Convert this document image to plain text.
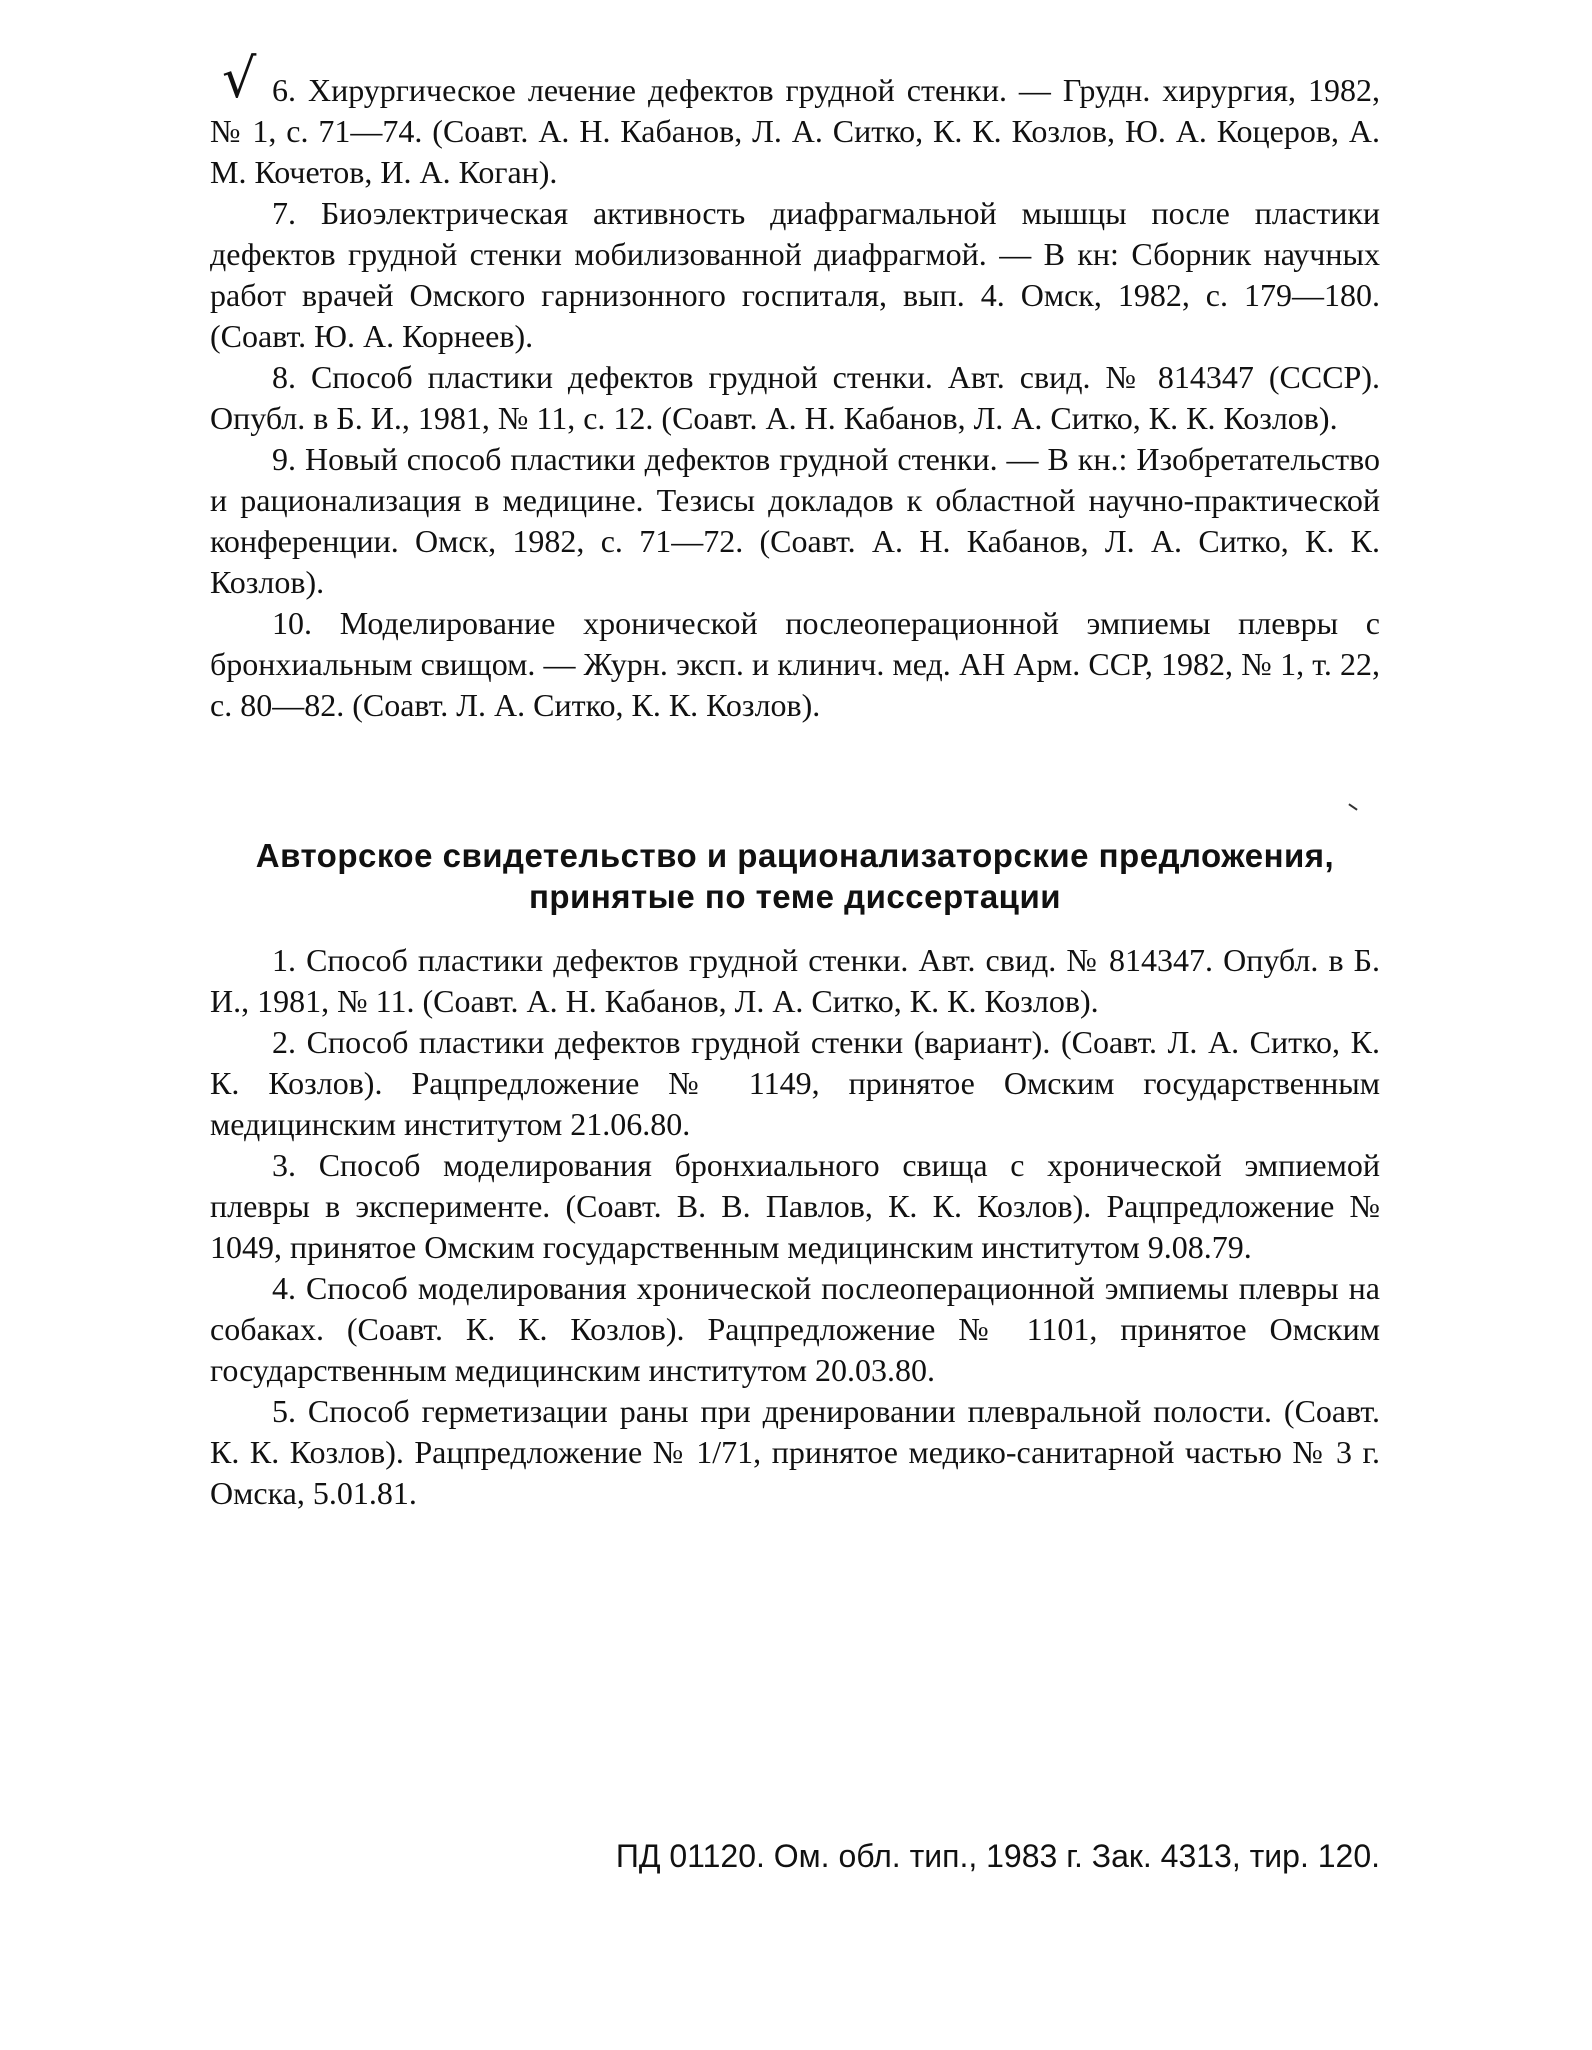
√ 6. Хирургическое лечение дефектов грудной стенки. — Грудн. хирургия, 1982, № 1, с. 71—74. (Соавт. А. Н. Кабанов, Л. А. Ситко, К. К. Козлов, Ю. А. Коцеров, А. М. Кочетов, И. А. Коган).

7. Биоэлектрическая активность диафрагмальной мышцы после пластики дефектов грудной стенки мобилизованной диафрагмой. — В кн: Сборник научных работ врачей Омского гарнизонного госпиталя, вып. 4. Омск, 1982, с. 179—180. (Соавт. Ю. А. Корнеев).

8. Способ пластики дефектов грудной стенки. Авт. свид. № 814347 (СССР). Опубл. в Б. И., 1981, № 11, с. 12. (Соавт. А. Н. Кабанов, Л. А. Ситко, К. К. Козлов).

9. Новый способ пластики дефектов грудной стенки. — В кн.: Изобретательство и рационализация в медицине. Тезисы докладов к областной научно-практической конференции. Омск, 1982, с. 71—72. (Соавт. А. Н. Кабанов, Л. А. Ситко, К. К. Козлов).

10. Моделирование хронической послеоперационной эмпиемы плевры с бронхиальным свищом. — Журн. эксп. и клинич. мед. АН Арм. ССР, 1982, № 1, т. 22, с. 80—82. (Соавт. Л. А. Ситко, К. К. Козлов).

Авторское свидетельство и рационализаторские предложения,

принятые по теме диссертации

1. Способ пластики дефектов грудной стенки. Авт. свид. № 814347. Опубл. в Б. И., 1981, № 11. (Соавт. А. Н. Кабанов, Л. А. Ситко, К. К. Козлов).

2. Способ пластики дефектов грудной стенки (вариант). (Соавт. Л. А. Ситко, К. К. Козлов). Рацпредложение № 1149, принятое Омским государственным медицинским институтом 21.06.80.

3. Способ моделирования бронхиального свища с хронической эмпиемой плевры в эксперименте. (Соавт. В. В. Павлов, К. К. Козлов). Рацпредложение № 1049, принятое Омским государственным медицинским институтом 9.08.79.

4. Способ моделирования хронической послеоперационной эмпиемы плевры на собаках. (Соавт. К. К. Козлов). Рацпредложение № 1101, принятое Омским государственным медицинским институтом 20.03.80.

5. Способ герметизации раны при дренировании плевральной полости. (Соавт. К. К. Козлов). Рацпредложение № 1/71, принятое медико-санитарной частью № 3 г. Омска, 5.01.81.

ПД 01120. Ом. обл. тип., 1983 г. Зак. 4313, тир. 120.
